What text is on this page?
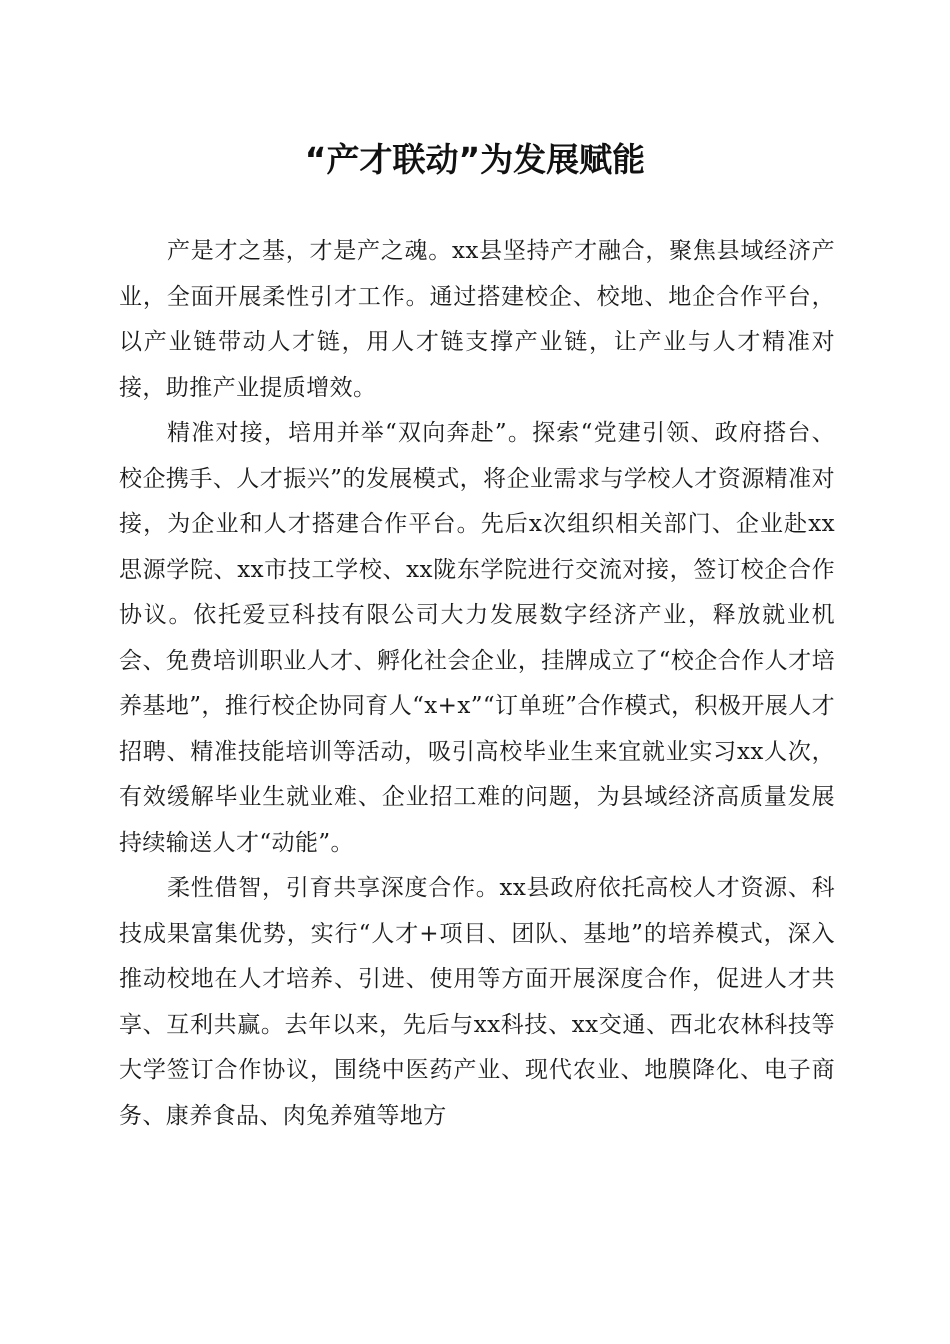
“产才联动”为发展赋能

产是才之基，才是产之魂。xx县坚持产才融合，聚焦县域经济产业，全面开展柔性引才工作。通过搭建校企、校地、地企合作平台，以产业链带动人才链，用人才链支撑产业链，让产业与人才精准对接，助推产业提质增效。

精准对接，培用并举“双向奔赴”。探索“党建引领、政府搭台、校企携手、人才振兴”的发展模式，将企业需求与学校人才资源精准对接，为企业和人才搭建合作平台。先后x次组织相关部门、企业赴xx思源学院、xx市技工学校、xx陇东学院进行交流对接，签订校企合作协议。依托爱豆科技有限公司大力发展数字经济产业，释放就业机会、免费培训职业人才、孵化社会企业，挂牌成立了“校企合作人才培养基地”，推行校企协同育人“x+x”“订单班”合作模式，积极开展人才招聘、精准技能培训等活动，吸引高校毕业生来宜就业实习xx人次，有效缓解毕业生就业难、企业招工难的问题，为县域经济高质量发展持续输送人才“动能”。

柔性借智，引育共享深度合作。xx县政府依托高校人才资源、科技成果富集优势，实行“人才+项目、团队、基地”的培养模式，深入推动校地在人才培养、引进、使用等方面开展深度合作，促进人才共享、互利共赢。去年以来，先后与xx科技、xx交通、西北农林科技等大学签订合作协议，围绕中医药产业、现代农业、地膜降化、电子商务、康养食品、肉兔养殖等地方
